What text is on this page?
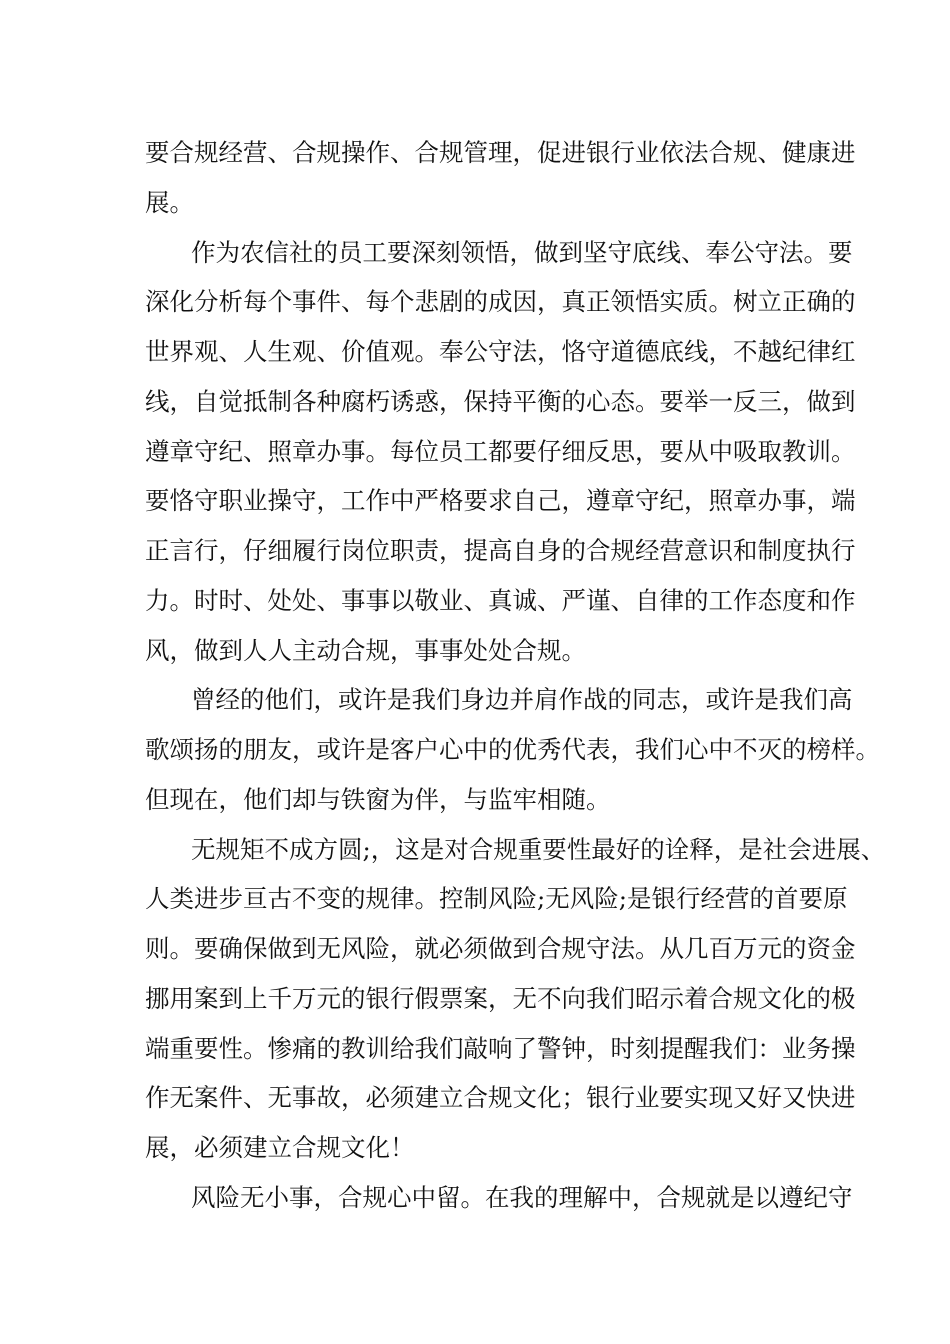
要合规经营、合规操作、合规管理，促进银行业依法合规、健康进
展。
作为农信社的员工要深刻领悟，做到坚守底线、奉公守法。要
深化分析每个事件、每个悲剧的成因，真正领悟实质。树立正确的
世界观、人生观、价值观。奉公守法，恪守道德底线，不越纪律红
线，自觉抵制各种腐朽诱惑，保持平衡的心态。要举一反三，做到
遵章守纪、照章办事。每位员工都要仔细反思，要从中吸取教训。
要恪守职业操守，工作中严格要求自己，遵章守纪，照章办事，端
正言行，仔细履行岗位职责，提高自身的合规经营意识和制度执行
力。时时、处处、事事以敬业、真诚、严谨、自律的工作态度和作
风，做到人人主动合规，事事处处合规。
曾经的他们，或许是我们身边并肩作战的同志，或许是我们高
歌颂扬的朋友，或许是客户心中的优秀代表，我们心中不灭的榜样。
但现在，他们却与铁窗为伴，与监牢相随。
无规矩不成方圆;，这是对合规重要性最好的诠释，是社会进展、
人类进步亘古不变的规律。控制风险;无风险;是银行经营的首要原
则。要确保做到无风险，就必须做到合规守法。从几百万元的资金
挪用案到上千万元的银行假票案，无不向我们昭示着合规文化的极
端重要性。惨痛的教训给我们敲响了警钟，时刻提醒我们：业务操
作无案件、无事故，必须建立合规文化；银行业要实现又好又快进
展，必须建立合规文化！
风险无小事，合规心中留。在我的理解中，合规就是以遵纪守
